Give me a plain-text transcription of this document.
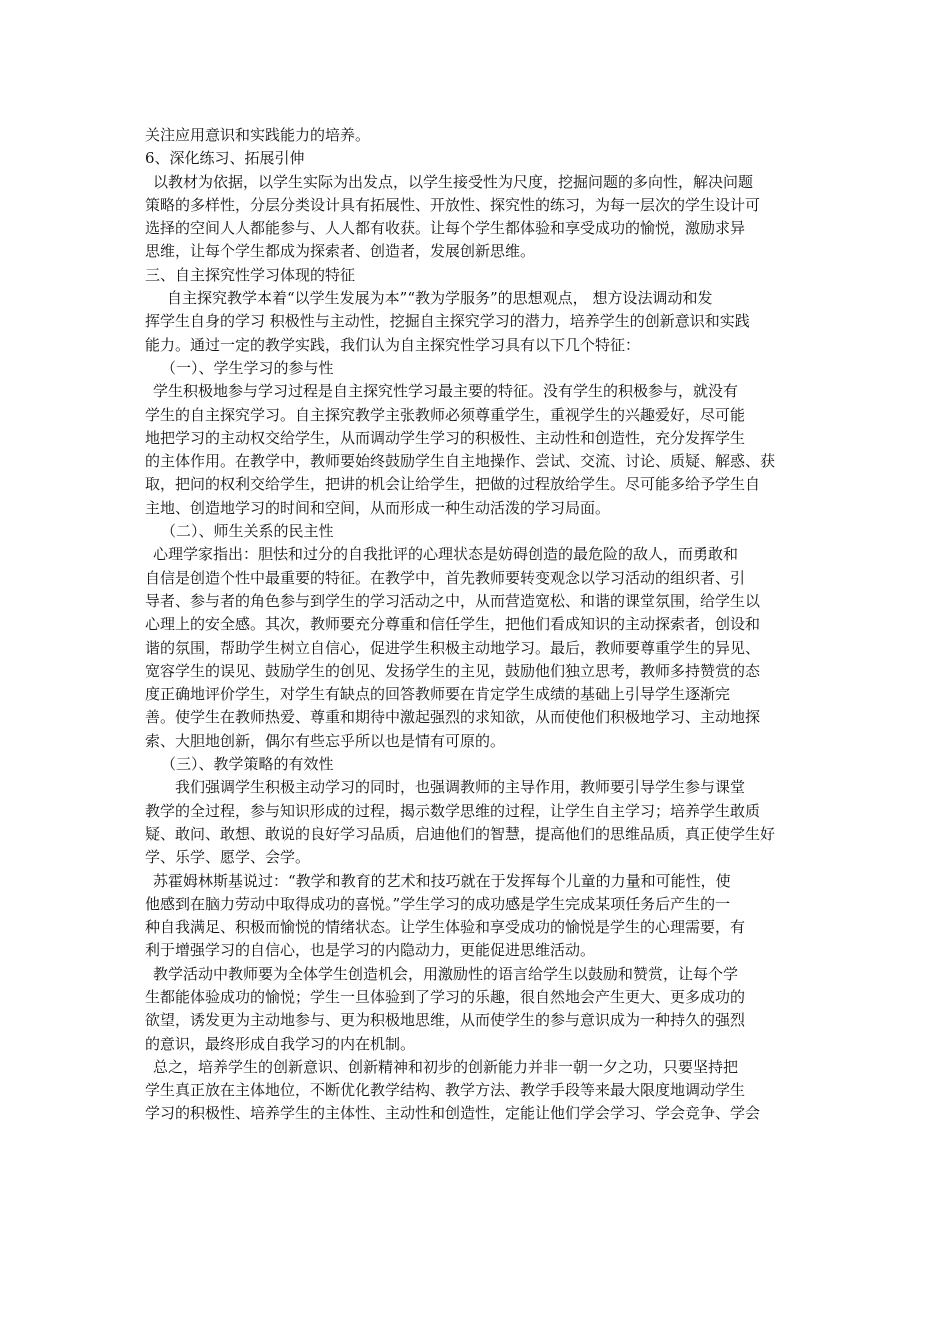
关注应用意识和实践能力的培养。
6、深化练习、拓展引伸
以教材为依据，以学生实际为出发点，以学生接受性为尺度，挖掘问题的多向性，解决问题
策略的多样性，分层分类设计具有拓展性、开放性、探究性的练习，为每一层次的学生设计可
选择的空间人人都能参与、人人都有收获。让每个学生都体验和享受成功的愉悦，激励求异
思维，让每个学生都成为探索者、创造者，发展创新思维。
三、自主探究性学习体现的特征
自主探究教学本着“以学生发展为本”“教为学服务”的思想观点， 想方设法调动和发
挥学生自身的学习 积极性与主动性，挖掘自主探究学习的潜力，培养学生的创新意识和实践
能力。通过一定的教学实践，我们认为自主探究性学习具有以下几个特征：
（一）、学生学习的参与性
学生积极地参与学习过程是自主探究性学习最主要的特征。没有学生的积极参与，就没有
学生的自主探究学习。自主探究教学主张教师必须尊重学生，重视学生的兴趣爱好，尽可能
地把学习的主动权交给学生，从而调动学生学习的积极性、主动性和创造性，充分发挥学生
的主体作用。在教学中，教师要始终鼓励学生自主地操作、尝试、交流、讨论、质疑、解惑、获
取，把问的权利交给学生，把讲的机会让给学生，把做的过程放给学生。尽可能多给予学生自
主地、创造地学习的时间和空间，从而形成一种生动活泼的学习局面。
（二）、师生关系的民主性
心理学家指出：胆怯和过分的自我批评的心理状态是妨碍创造的最危险的敌人，而勇敢和
自信是创造个性中最重要的特征。在教学中，首先教师要转变观念以学习活动的组织者、引
导者、参与者的角色参与到学生的学习活动之中，从而营造宽松、和谐的课堂氛围，给学生以
心理上的安全感。其次，教师要充分尊重和信任学生，把他们看成知识的主动探索者，创设和
谐的氛围，帮助学生树立自信心，促进学生积极主动地学习。最后，教师要尊重学生的异见、
宽容学生的误见、鼓励学生的创见、发扬学生的主见，鼓励他们独立思考，教师多持赞赏的态
度正确地评价学生，对学生有缺点的回答教师要在肯定学生成绩的基础上引导学生逐渐完
善。使学生在教师热爱、尊重和期待中激起强烈的求知欲，从而使他们积极地学习、主动地探
索、大胆地创新，偶尔有些忘乎所以也是情有可原的。
（三）、教学策略的有效性
我们强调学生积极主动学习的同时，也强调教师的主导作用，教师要引导学生参与课堂
教学的全过程，参与知识形成的过程，揭示数学思维的过程，让学生自主学习；培养学生敢质
疑、敢问、敢想、敢说的良好学习品质，启迪他们的智慧，提高他们的思维品质，真正使学生好
学、乐学、愿学、会学。
苏霍姆林斯基说过：“教学和教育的艺术和技巧就在于发挥每个儿童的力量和可能性，使
他感到在脑力劳动中取得成功的喜悦。”学生学习的成功感是学生完成某项任务后产生的一
种自我满足、积极而愉悦的情绪状态。让学生体验和享受成功的愉悦是学生的心理需要，有
利于增强学习的自信心，也是学习的内隐动力，更能促进思维活动。
教学活动中教师要为全体学生创造机会，用激励性的语言给学生以鼓励和赞赏，让每个学
生都能体验成功的愉悦；学生一旦体验到了学习的乐趣，很自然地会产生更大、更多成功的
欲望，诱发更为主动地参与、更为积极地思维，从而使学生的参与意识成为一种持久的强烈
的意识，最终形成自我学习的内在机制。
总之，培养学生的创新意识、创新精神和初步的创新能力并非一朝一夕之功，只要坚持把
学生真正放在主体地位，不断优化教学结构、教学方法、教学手段等来最大限度地调动学生
学习的积极性、培养学生的主体性、主动性和创造性，定能让他们学会学习、学会竞争、学会
